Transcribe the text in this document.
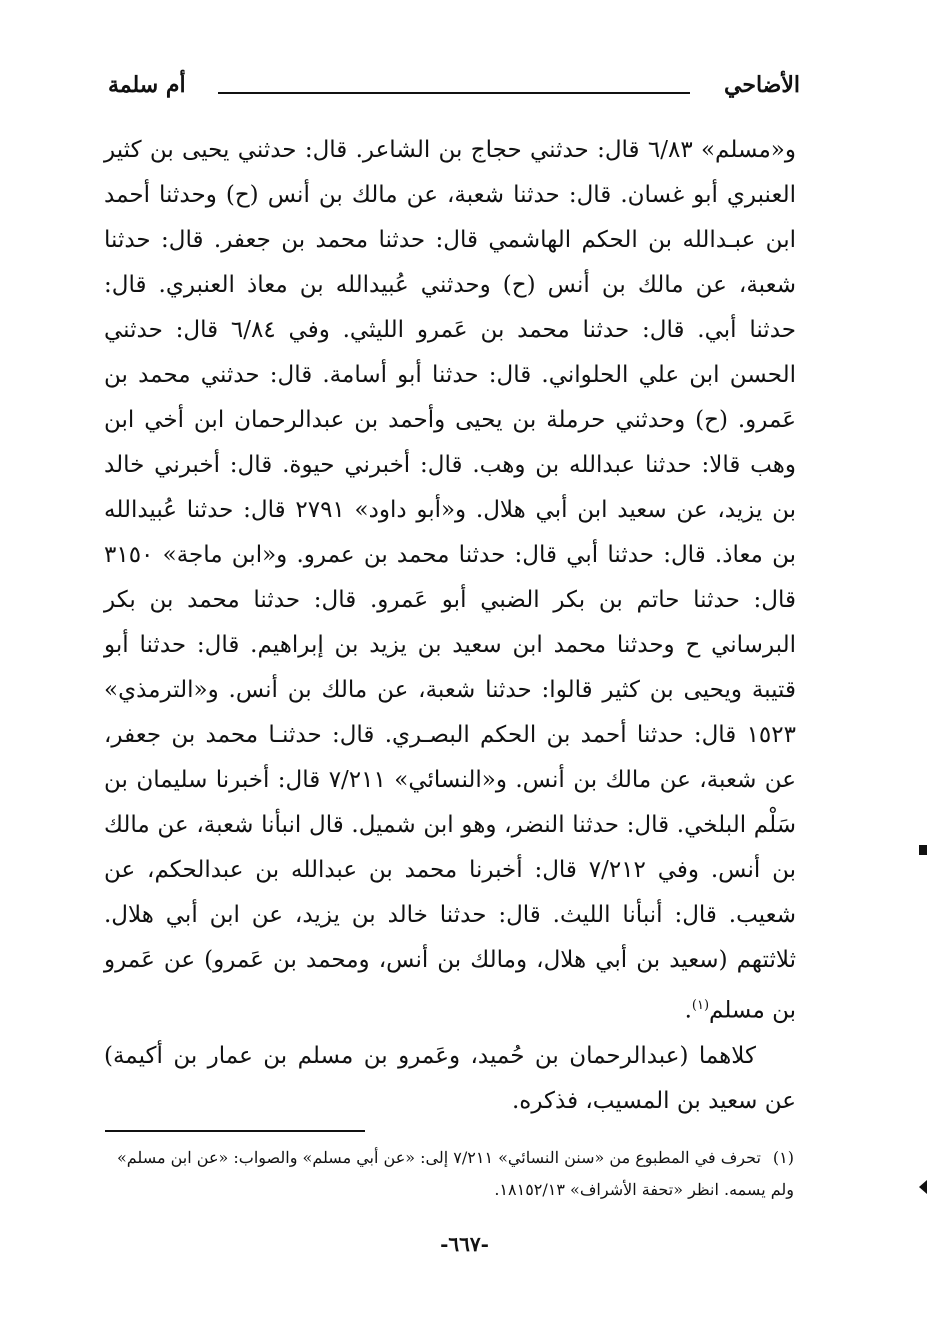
الأضاحي
أم سلمة

و«مسلم» ٦/٨٣ قال: حدثني حجاج بن الشاعر. قال: حدثني يحيى بن كثير العنبري أبو غسان. قال: حدثنا شعبة، عن مالك بن أنس (ح) وحدثنا أحمد ابن عبـدالله بن الحكم الهاشمي قال: حدثنا محمد بن جعفر. قال: حدثنا شعبة، عن مالك بن أنس (ح) وحدثني عُبيدالله بن معاذ العنبري. قال: حدثنا أبي. قال: حدثنا محمد بن عَمرو الليثي. وفي ٦/٨٤ قال: حدثني الحسن ابن علي الحلواني. قال: حدثنا أبو أسامة. قال: حدثني محمد بن عَمرو. (ح) وحدثني حرملة بن يحيى وأحمد بن عبدالرحمان ابن أخي ابن وهب قالا: حدثنا عبدالله بن وهب. قال: أخبرني حيوة. قال: أخبرني خالد بن يزيد، عن سعيد ابن أبي هلال. و«أبو داود» ٢٧٩١ قال: حدثنا عُبيدالله بن معاذ. قال: حدثنا أبي قال: حدثنا محمد بن عمرو. و«ابن ماجة» ٣١٥٠ قال: حدثنا حاتم بن بكر الضبي أبو عَمرو. قال: حدثنا محمد بن بكر البرساني ح وحدثنا محمد ابن سعيد بن يزيد بن إبراهيم. قال: حدثنا أبو قتيبة ويحيى بن كثير قالوا: حدثنا شعبة، عن مالك بن أنس. و«الترمذي» ١٥٢٣ قال: حدثنا أحمد بن الحكم البصـري. قال: حدثنـا محمد بن جعفر، عن شعبة، عن مالك بن أنس. و«النسائي» ٧/٢١١ قال: أخبرنا سليمان بن سَلْم البلخي. قال: حدثنا النضر، وهو ابن شميل. قال انبأنا شعبة، عن مالك بن أنس. وفي ٧/٢١٢ قال: أخبرنا محمد بن عبدالله بن عبدالحكم، عن شعيب. قال: أنبأنا الليث. قال: حدثنا خالد بن يزيد، عن ابن أبي هلال. ثلاثتهم (سعيد بن أبي هلال، ومالك بن أنس، ومحمد بن عَمرو) عن عَمرو بن مسلم$^{(١)}$.

كلاهما (عبدالرحمان بن حُميد، وعَمرو بن مسلم بن عمار بن أكيمة) عن سعيد بن المسيب، فذكره.

(١)تحرف في المطبوع من «سنن النسائي» ٧/٢١١ إلى: «عن أبي مسلم» والصواب: «عن ابن مسلم» ولم يسمه. انظر «تحفة الأشراف» ١٨١٥٢/١٣.

-٦٦٧-
